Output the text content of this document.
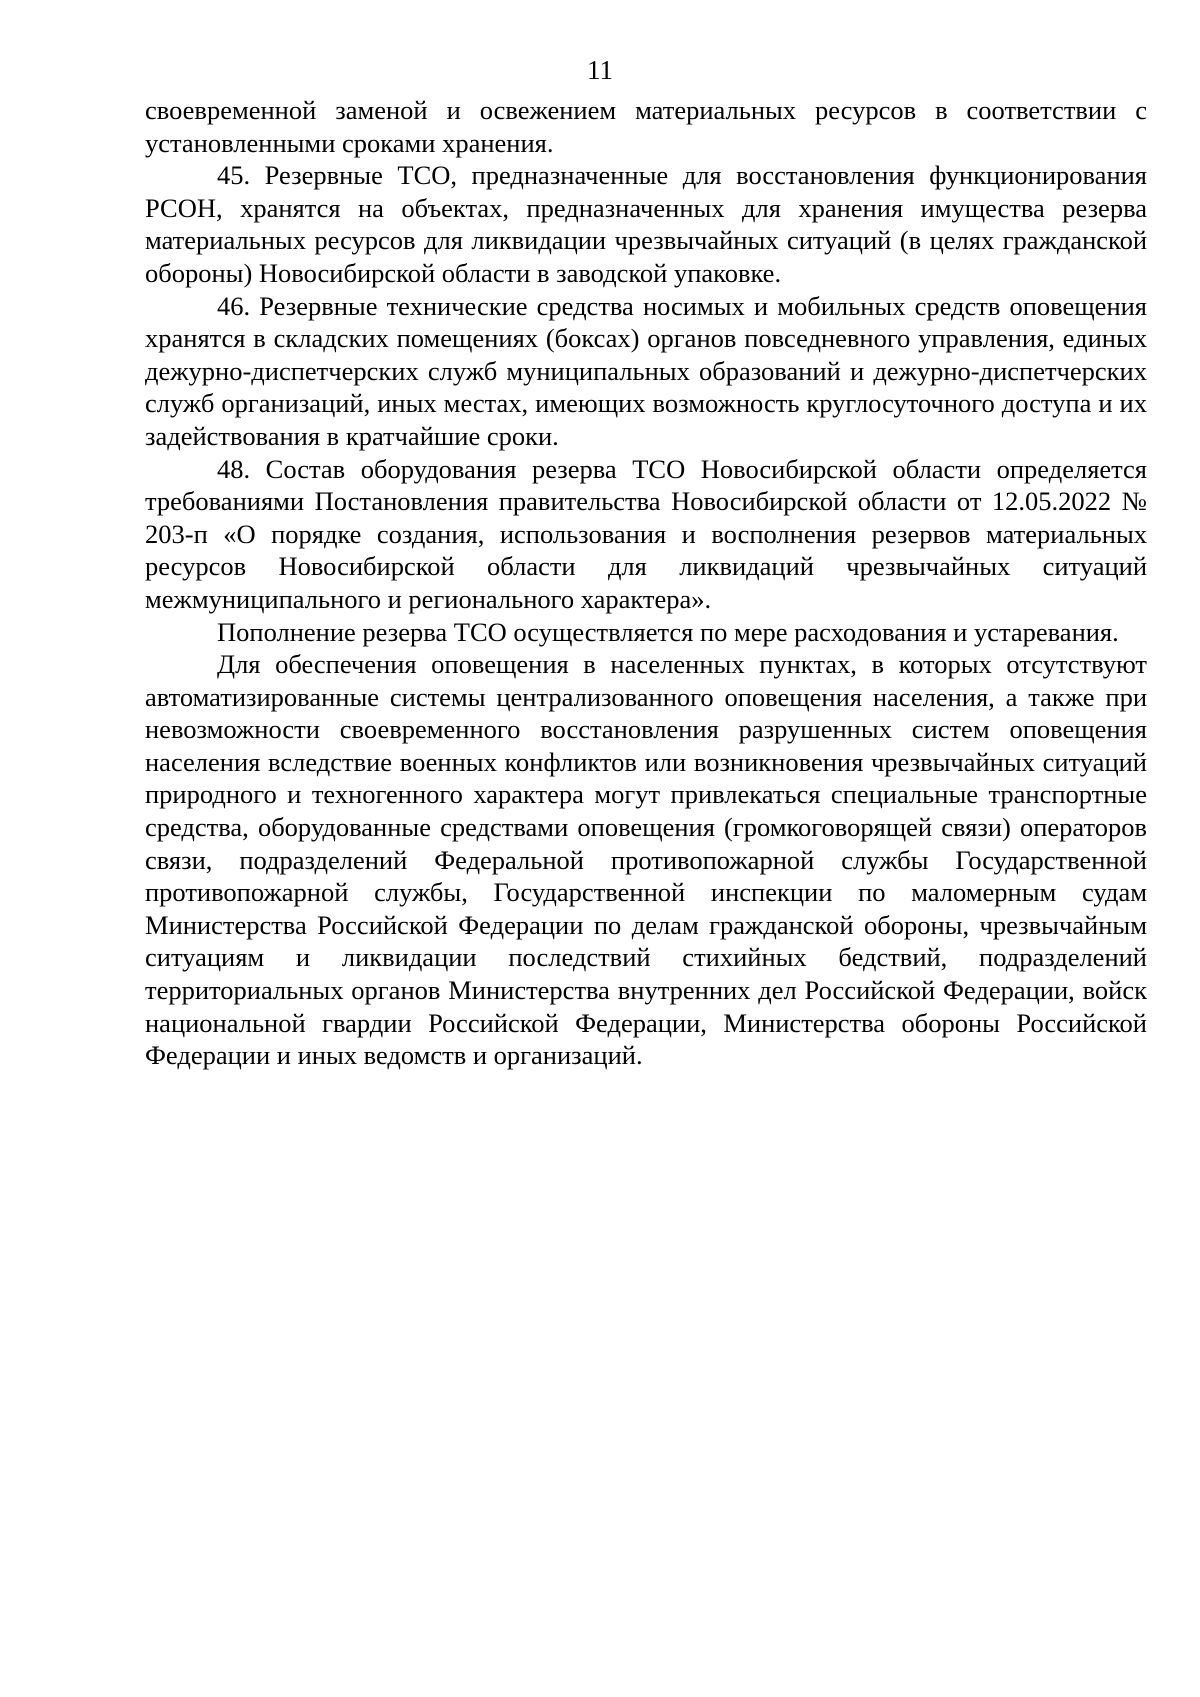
11

своевременной заменой и освежением материальных ресурсов в соответствии с установленными сроками хранения.

45. Резервные ТСО, предназначенные для восстановления функционирования РСОН, хранятся на объектах, предназначенных для хранения имущества резерва материальных ресурсов для ликвидации чрезвычайных ситуаций (в целях гражданской обороны) Новосибирской области в заводской упаковке.

46. Резервные технические средства носимых и мобильных средств оповещения хранятся в складских помещениях (боксах) органов повседневного управления, единых дежурно-диспетчерских служб муниципальных образований и дежурно-диспетчерских служб организаций, иных местах, имеющих возможность круглосуточного доступа и их задействования в кратчайшие сроки.

48. Состав оборудования резерва ТСО Новосибирской области определяется требованиями Постановления правительства Новосибирской области от 12.05.2022 № 203-п «О порядке создания, использования и восполнения резервов материальных ресурсов Новосибирской области для ликвидаций чрезвычайных ситуаций межмуниципального и регионального характера».

Пополнение резерва ТСО осуществляется по мере расходования и устаревания.

Для обеспечения оповещения в населенных пунктах, в которых отсутствуют автоматизированные системы централизованного оповещения населения, а также при невозможности своевременного восстановления разрушенных систем оповещения населения вследствие военных конфликтов или возникновения чрезвычайных ситуаций природного и техногенного характера могут привлекаться специальные транспортные средства, оборудованные средствами оповещения (громкоговорящей связи) операторов связи, подразделений Федеральной противопожарной службы Государственной противопожарной службы, Государственной инспекции по маломерным судам Министерства Российской Федерации по делам гражданской обороны, чрезвычайным ситуациям и ликвидации последствий стихийных бедствий, подразделений территориальных органов Министерства внутренних дел Российской Федерации, войск национальной гвардии Российской Федерации, Министерства обороны Российской Федерации и иных ведомств и организаций.
